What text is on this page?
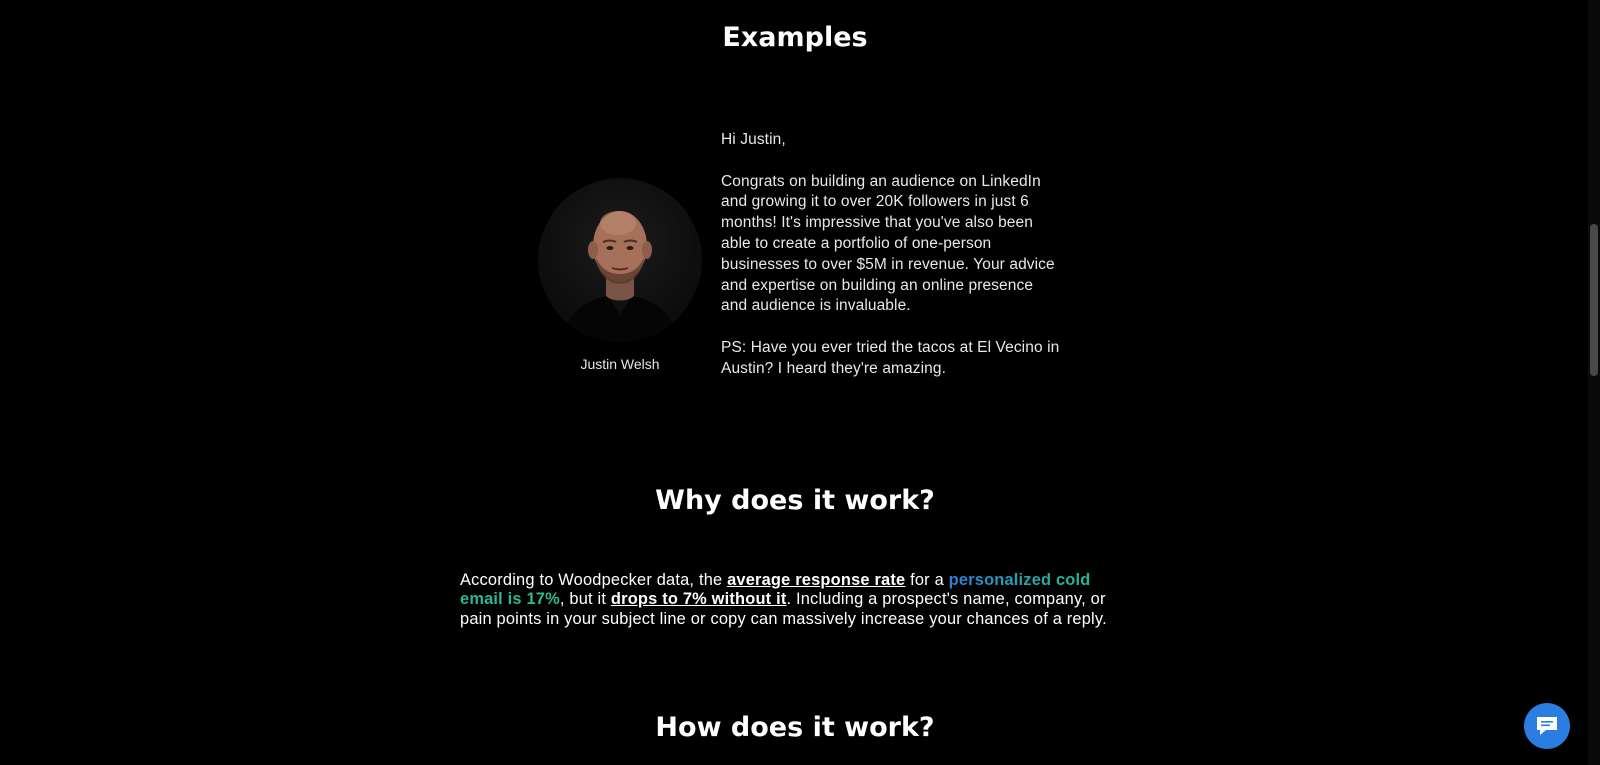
Examples
Justin Welsh

Hi Justin,

Congrats on building an audience on LinkedIn and growing it to over 20K followers in just 6 months! It's impressive that you've also been able to create a portfolio of one-person businesses to over $5M in revenue. Your advice and expertise on building an online presence and audience is invaluable.

PS: Have you ever tried the tacos at El Vecino in Austin? I heard they're amazing.

Why does it work?
According to Woodpecker data, the average response rate for a personalized cold email is 17%, but it drops to 7% without it. Including a prospect's name, company, or pain points in your subject line or copy can massively increase your chances of a reply.
How does it work?
